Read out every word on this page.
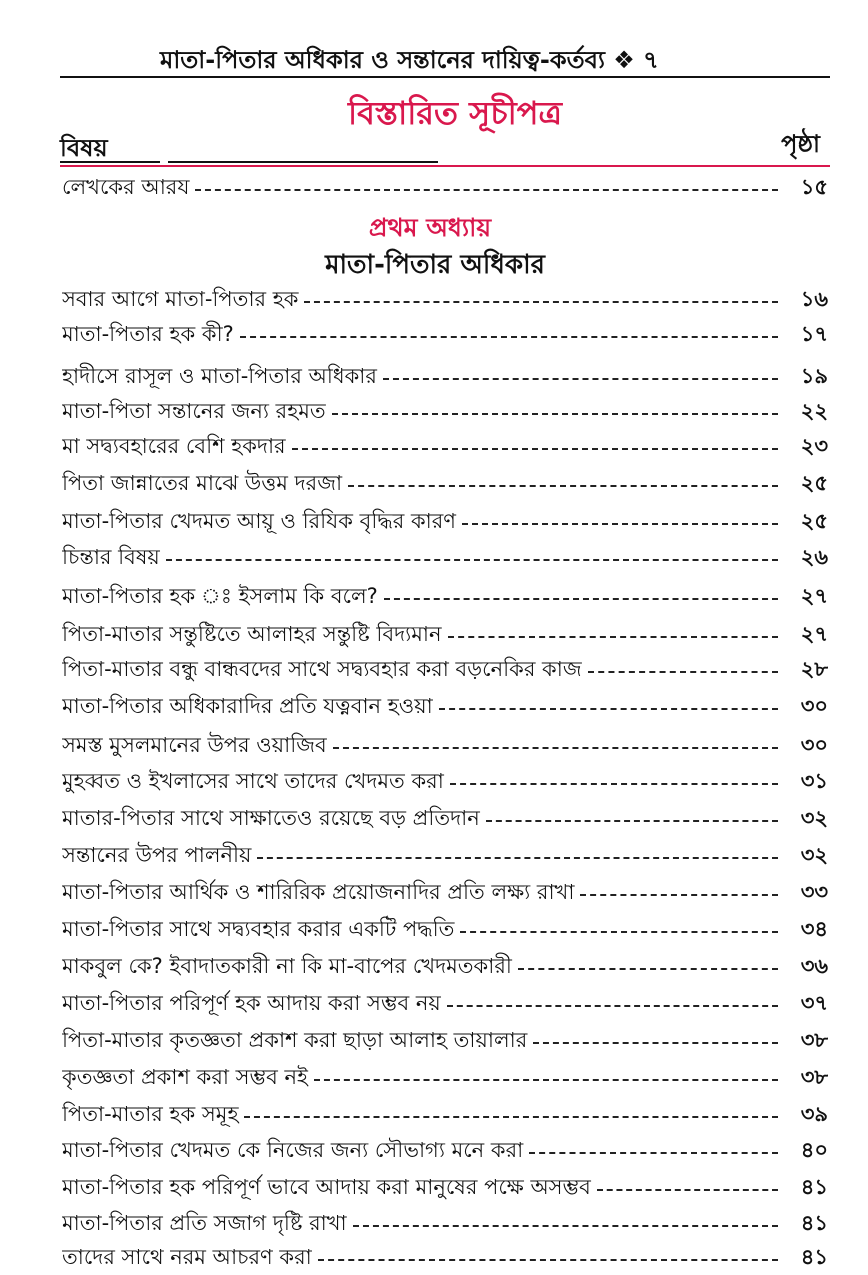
মাতা-পিতার অধিকার ও সন্তানের দায়িত্ব-কর্তব্য ❖ ৭
বিস্তারিত সূচীপত্র
বিষয়	পৃষ্ঠা
লেখকের আরয	১৫
প্রথম অধ্যায়
মাতা-পিতার অধিকার
সবার আগে মাতা-পিতার হক	১৬
মাতা-পিতার হক কী?	১৭
হাদীসে রাসূল ও মাতা-পিতার অধিকার	১৯
মাতা-পিতা সন্তানের জন্য রহমত	২২
মা সদ্ব্যবহারের বেশি হকদার	২৩
পিতা জান্নাতের মাঝে উত্তম দরজা	২৫
মাতা-পিতার খেদমত আয়ূ ও রিযিক বৃদ্ধির কারণ	২৫
চিন্তার বিষয়	২৬
মাতা-পিতার হক ঃ ইসলাম কি বলে?	২৭
পিতা-মাতার সন্তুষ্টিতে আলাহর সন্তুষ্টি বিদ্যমান	২৭
পিতা-মাতার বন্ধু বান্ধবদের সাথে সদ্ব্যবহার করা বড়নেকির কাজ	২৮
মাতা-পিতার অধিকারাদির প্রতি যত্নবান হওয়া	৩০
সমস্ত মুসলমানের উপর ওয়াজিব	৩০
মুহব্বত ও ইখলাসের সাথে তাদের খেদমত করা	৩১
মাতার-পিতার সাথে সাক্ষাতেও রয়েছে বড় প্রতিদান	৩২
সন্তানের উপর পালনীয়	৩২
মাতা-পিতার আর্থিক ও শারিরিক প্রয়োজনাদির প্রতি লক্ষ্য রাখা	৩৩
মাতা-পিতার সাথে সদ্ব্যবহার করার একটি পদ্ধতি	৩৪
মাকবুল কে? ইবাদাতকারী না কি মা-বাপের খেদমতকারী	৩৬
মাতা-পিতার পরিপূর্ণ হক আদায় করা সম্ভব নয়	৩৭
পিতা-মাতার কৃতজ্ঞতা প্রকাশ করা ছাড়া আলাহ তায়ালার	৩৮
কৃতজ্ঞতা প্রকাশ করা সম্ভব নই	৩৮
পিতা-মাতার হক সমূহ	৩৯
মাতা-পিতার খেদমত কে নিজের জন্য সৌভাগ্য মনে করা	৪০
মাতা-পিতার হক পরিপূর্ণ ভাবে আদায় করা মানুষের পক্ষে অসম্ভব	৪১
মাতা-পিতার প্রতি সজাগ দৃষ্টি রাখা	৪১
তাদের সাথে নরম আচরণ করা	৪১
